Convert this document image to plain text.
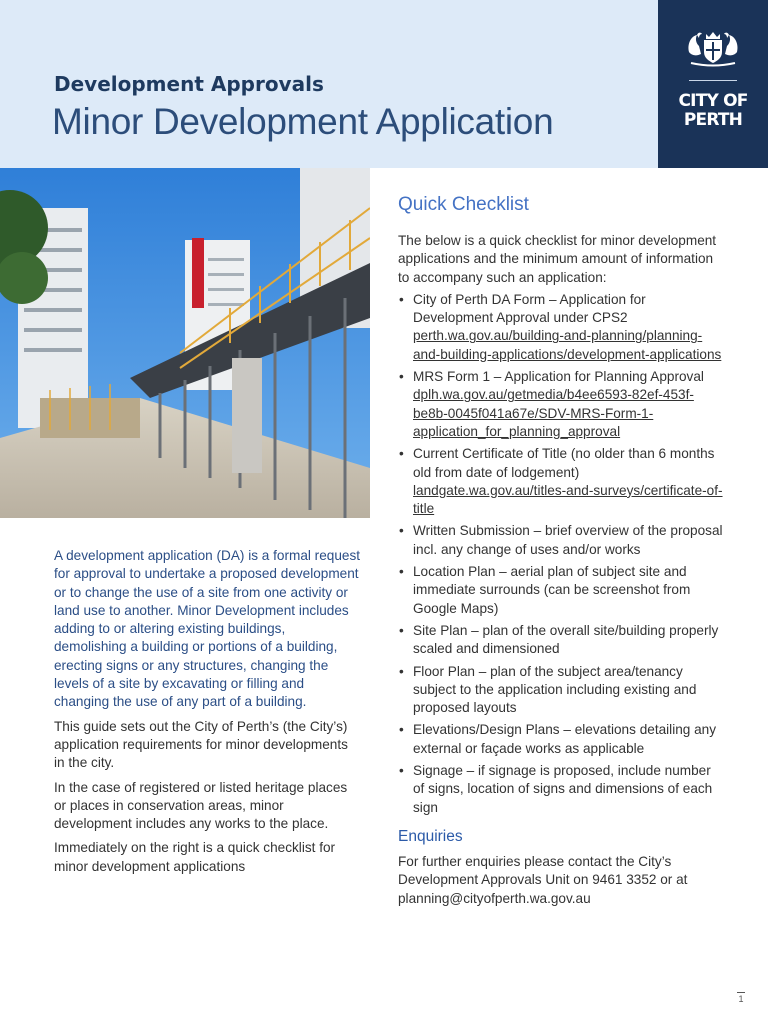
Development Approvals
Minor Development Application	CITY OF
PERTH

A development application (DA) is a formal request for approval to undertake a proposed development or to change the use of a site from one activity or land use to another. Minor Development includes adding to or altering existing buildings, demolishing a building or portions of a building, erecting signs or any structures, changing the levels of a site by excavating or filling and changing the use of any part of a building.

This guide sets out the City of Perth’s (the City’s) application requirements for minor developments in the city.

In the case of registered or listed heritage places or places in conservation areas, minor development includes any works to the place.

Immediately on the right is a quick checklist for minor development applications

Quick Checklist

The below is a quick checklist for minor development applications and the minimum amount of information to accompany such an application:

• City of Perth DA Form – Application for Development Approval under CPS2 perth.wa.gov.au/building-and-planning/planning-and-building-applications/development-applications
• MRS Form 1 – Application for Planning Approval dplh.wa.gov.au/getmedia/b4ee6593-82ef-453f-be8b-0045f041a67e/SDV-MRS-Form-1-application_for_planning_approval
• Current Certificate of Title (no older than 6 months old from date of lodgement) landgate.wa.gov.au/titles-and-surveys/certificate-of-title
• Written Submission – brief overview of the proposal incl. any change of uses and/or works
• Location Plan – aerial plan of subject site and immediate surrounds (can be screenshot from Google Maps)
• Site Plan – plan of the overall site/building properly scaled and dimensioned
• Floor Plan – plan of the subject area/tenancy subject to the application including existing and proposed layouts
• Elevations/Design Plans – elevations detailing any external or façade works as applicable
• Signage – if signage is proposed, include number of signs, location of signs and dimensions of each sign
Enquiries

For further enquiries please contact the City’s Development Approvals Unit on 9461 3352 or at planning@cityofperth.wa.gov.au

1
